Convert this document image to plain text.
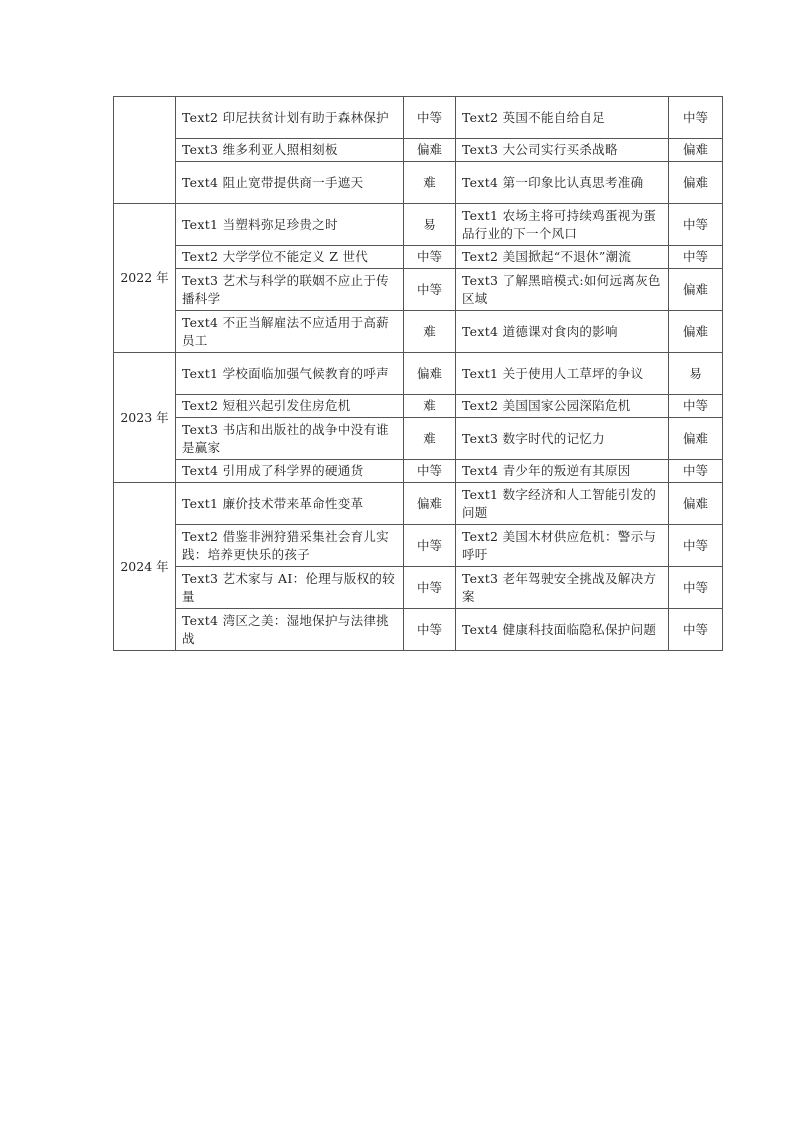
	Text2 印尼扶贫计划有助于森林保护	中等	Text2 英国不能自给自足	中等
	Text3 维多利亚人照相刻板	偏难	Text3 大公司实行买杀战略	偏难
	Text4 阻止宽带提供商一手遮天	难	Text4 第一印象比认真思考准确	偏难
2022 年	Text1 当塑料弥足珍贵之时	易	Text1 农场主将可持续鸡蛋视为蛋品行业的下一个风口	中等
	Text2 大学学位不能定义 Z 世代	中等	Text2 美国掀起“不退休”潮流	中等
	Text3 艺术与科学的联姻不应止于传播科学	中等	Text3 了解黑暗模式:如何远离灰色区域	偏难
	Text4 不正当解雇法不应适用于高薪员工	难	Text4 道德课对食肉的影响	偏难
2023 年	Text1 学校面临加强气候教育的呼声	偏难	Text1 关于使用人工草坪的争议	易
	Text2 短租兴起引发住房危机	难	Text2 美国国家公园深陷危机	中等
	Text3 书店和出版社的战争中没有谁是赢家	难	Text3 数字时代的记忆力	偏难
	Text4 引用成了科学界的硬通货	中等	Text4 青少年的叛逆有其原因	中等
2024 年	Text1 廉价技术带来革命性变革	偏难	Text1 数字经济和人工智能引发的问题	偏难
	Text2 借鉴非洲狩猎采集社会育儿实践：培养更快乐的孩子	中等	Text2 美国木材供应危机：警示与呼吁	中等
	Text3 艺术家与 AI：伦理与版权的较量	中等	Text3 老年驾驶安全挑战及解决方案	中等
	Text4 湾区之美：湿地保护与法律挑战	中等	Text4 健康科技面临隐私保护问题	中等
